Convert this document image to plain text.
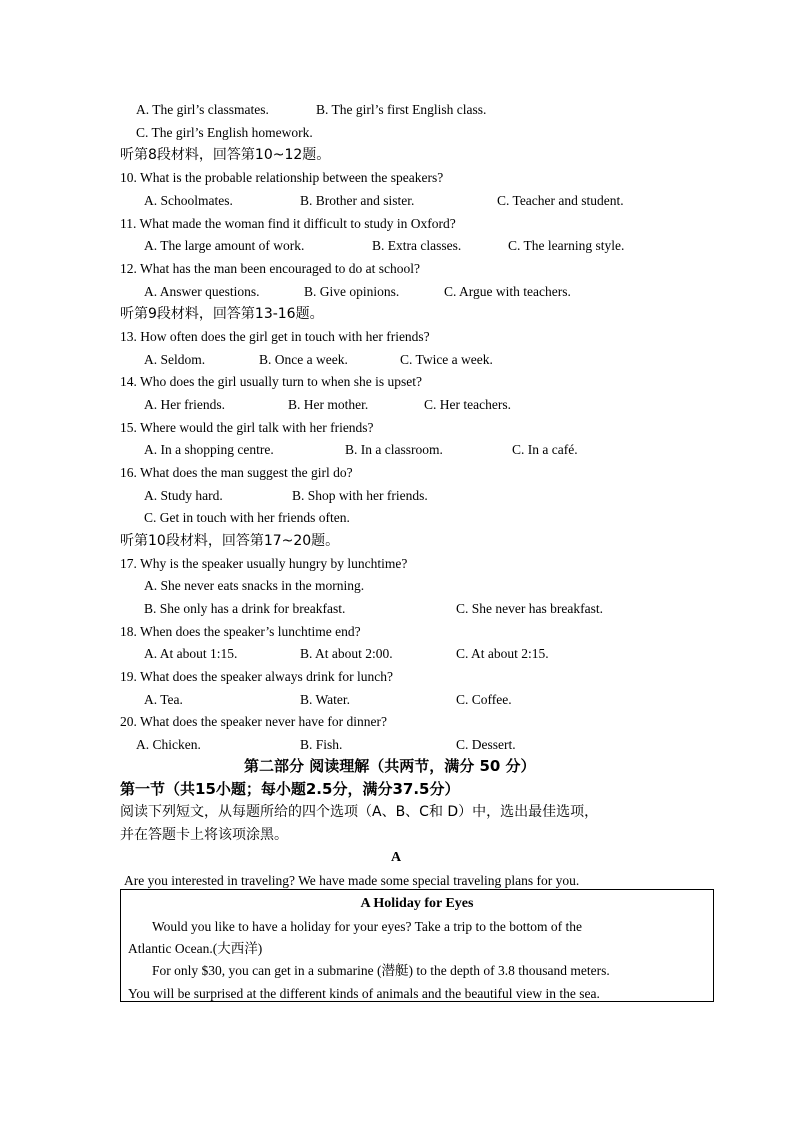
A. The girl’s classmates.	B. The girl’s first English class.
C. The girl’s English homework.
听第8段材料，回答第10~12题。
10. What is the probable relationship between the speakers?
A. Schoolmates.	B. Brother and sister.	C. Teacher and student.
11. What made the woman find it difficult to study in Oxford?
A. The large amount of work.	B. Extra classes.	C. The learning style.
12. What has the man been encouraged to do at school?
A. Answer questions.	B. Give opinions.	C. Argue with teachers.
听第9段材料，回答第13-16题。
13. How often does the girl get in touch with her friends?
A. Seldom.	B. Once a week.	C. Twice a week.
14. Who does the girl usually turn to when she is upset?
A. Her friends.	B. Her mother.	C. Her teachers.
15. Where would the girl talk with her friends?
A. In a shopping centre.	B. In a classroom.	C. In a café.
16. What does the man suggest the girl do?
A. Study hard.	B. Shop with her friends.
C. Get in touch with her friends often.
听第10段材料，回答第17~20题。
17. Why is the speaker usually hungry by lunchtime?
A. She never eats snacks in the morning.
B. She only has a drink for breakfast.	C. She never has breakfast.
18. When does the speaker’s lunchtime end?
A. At about 1:15.	B. At about 2:00.	C. At about 2:15.
19. What does the speaker always drink for lunch?
A. Tea.	B. Water.	C. Coffee.
20. What does the speaker never have for dinner?
A. Chicken.	B. Fish.	C. Dessert.
第二部分 阅读理解（共两节，满分 50 分）
第一节（共15小题；每小题2.5分，满分37.5分）
阅读下列短文，从每题所给的四个选项（A、B、C和 D）中，选出最佳选项，
并在答题卡上将该项涂黑。
A
Are you interested in traveling? We have made some special traveling plans for you.
A Holiday for Eyes
Would you like to have a holiday for your eyes? Take a trip to the bottom of the
Atlantic Ocean.(大西洋)
For only $30, you can get in a submarine (潜艇) to the depth of 3.8 thousand meters.
You will be surprised at the different kinds of animals and the beautiful view in the sea.
